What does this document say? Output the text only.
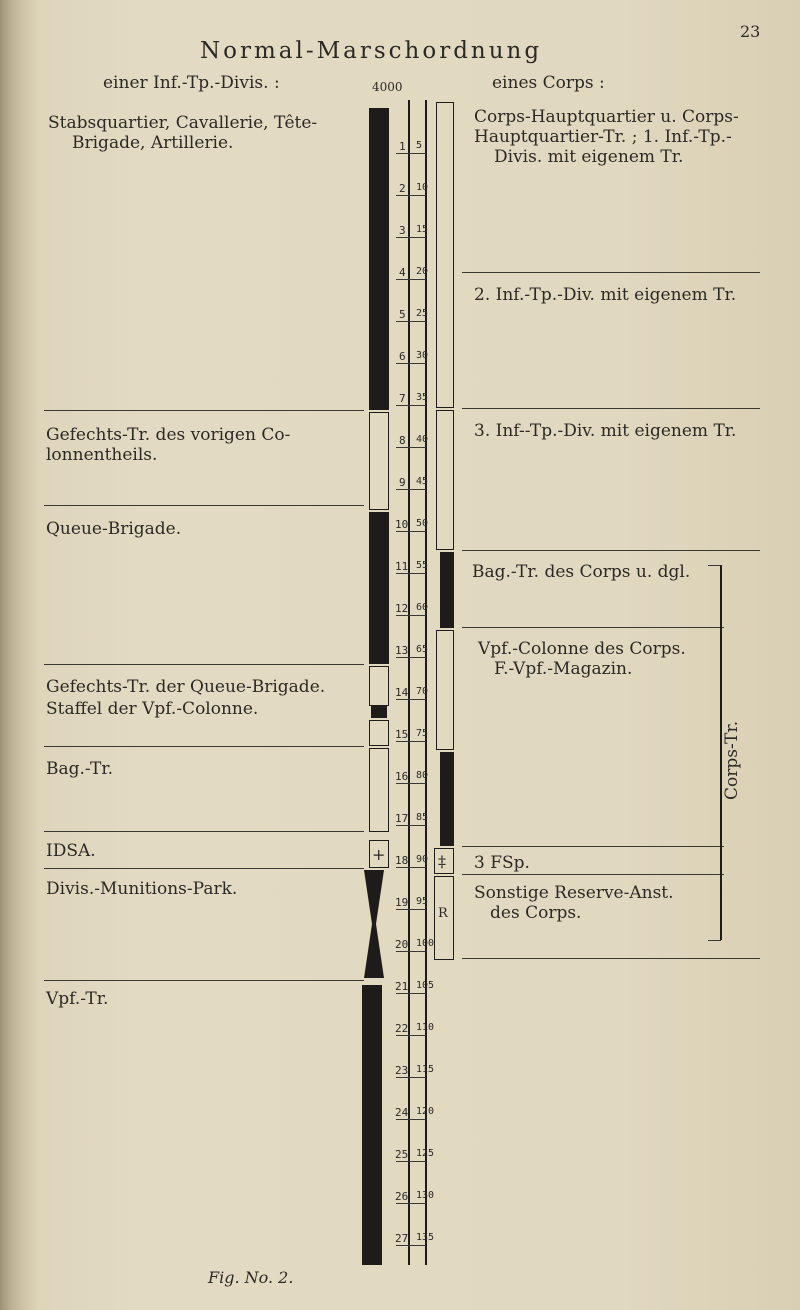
23
Normal-Marschordnung
einer Inf.-Tp.-Divis. :	eines Corps :
4000
Stabsquartier, Cavallerie, Tête-
Brigade, Artillerie.
Gefechts-Tr. des vorigen Co-
lonnentheils.
Queue-Brigade.
Gefechts-Tr. der Queue-Brigade.
Staffel der Vpf.-Colonne.
Bag.-Tr.
IDSA.
Divis.-Munitions-Park.
Vpf.-Tr.
Corps-Hauptquartier u. Corps-
Hauptquartier-Tr. ; 1. Inf.-Tp.-
Divis. mit eigenem Tr.
2. Inf.-Tp.-Div. mit eigenem Tr.
3. Inf--Tp.-Div. mit eigenem Tr.
Bag.-Tr. des Corps u. dgl.
Vpf.-Colonne des Corps.
F.-Vpf.-Magazin.
3 FSp.
Sonstige Reserve-Anst.
des Corps.
Corps-Tr.
+	‡
R
1
2
3
4
5
6
7
8
9
10
11
12
13
14
15
16
17
18
19
20
21
22
23
24
25
26
27
5
10
15
20
25
30
35
40
45
50
55
60
65
70
75
80
85
90
95
100
105
110
115
120
125
130
135
Fig. No. 2.
